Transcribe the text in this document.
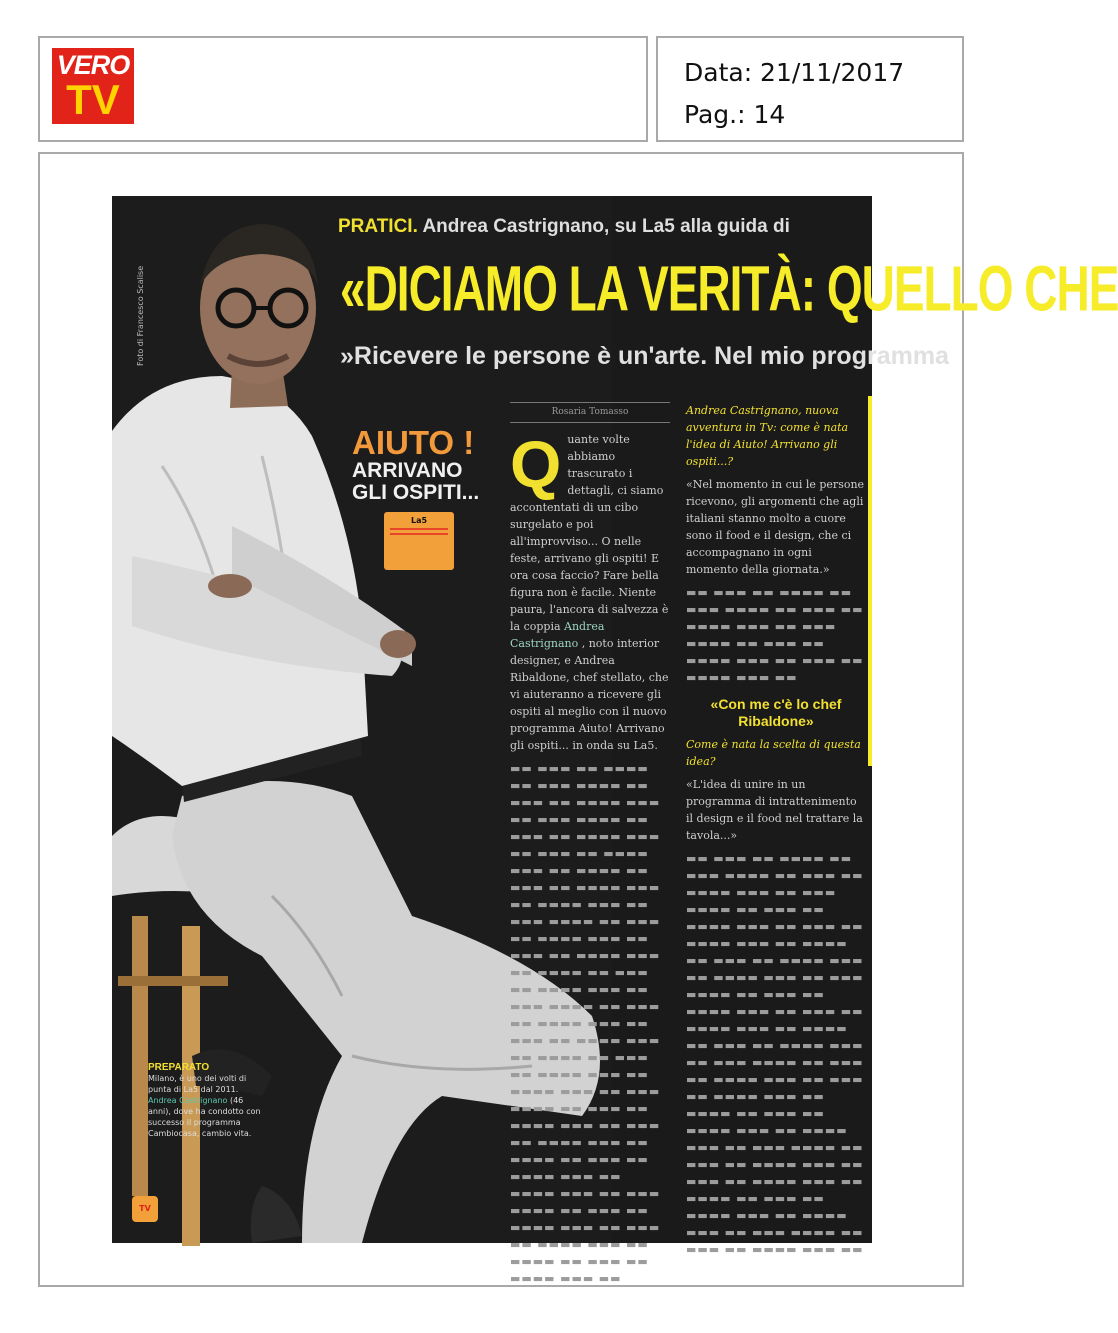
VERO
TV
Data: 21/11/2017
Pag.: 14
Foto di Francesco Scalise
PRATICI. Andrea Castrignano, su La5 alla guida di
«DICIAMO LA VERITÀ: QUELLO CHE
»Ricevere le persone è un'arte. Nel mio programma
AIUTO !
ARRIVANO GLI OSPITI...
La5
Rosaria Tomasso
Q uante volte abbiamo trascurato i dettagli, ci siamo accontentati di un cibo surgelato e poi all'improvviso... O nelle feste, arrivano gli ospiti! E ora cosa faccio? Fare bella figura non è facile. Niente paura, l'ancora di salvezza è la coppia Andrea Castrignano , noto interior designer, e Andrea Ribaldone, chef stellato, che vi aiuteranno a ricevere gli ospiti al meglio con il nuovo programma Aiuto! Arrivano gli ospiti... in onda su La5.

▬▬ ▬▬▬ ▬▬ ▬▬▬▬ ▬▬ ▬▬▬ ▬▬▬▬ ▬▬ ▬▬▬ ▬▬ ▬▬▬▬ ▬▬▬ ▬▬ ▬▬▬ ▬▬▬▬ ▬▬ ▬▬▬ ▬▬ ▬▬▬▬ ▬▬▬ ▬▬ ▬▬▬ ▬▬ ▬▬▬▬ ▬▬▬ ▬▬ ▬▬▬▬ ▬▬ ▬▬▬ ▬▬ ▬▬▬▬ ▬▬▬ ▬▬ ▬▬▬▬ ▬▬▬ ▬▬ ▬▬▬ ▬▬▬▬ ▬▬ ▬▬▬ ▬▬ ▬▬▬▬ ▬▬▬ ▬▬ ▬▬▬ ▬▬ ▬▬▬▬ ▬▬▬ ▬▬ ▬▬▬▬ ▬▬ ▬▬▬ ▬▬ ▬▬▬▬ ▬▬▬ ▬▬ ▬▬▬ ▬▬▬▬ ▬▬ ▬▬▬ ▬▬ ▬▬▬▬ ▬▬▬ ▬▬ ▬▬▬ ▬▬ ▬▬▬▬ ▬▬▬ ▬▬ ▬▬▬▬ ▬▬ ▬▬▬ ▬▬ ▬▬▬▬ ▬▬▬ ▬▬ ▬▬▬▬ ▬▬▬ ▬▬ ▬▬▬ ▬▬▬▬ ▬▬ ▬▬▬ ▬▬ ▬▬▬▬ ▬▬▬ ▬▬ ▬▬▬ ▬▬ ▬▬▬▬ ▬▬▬ ▬▬ ▬▬▬▬ ▬▬ ▬▬▬ ▬▬ ▬▬▬▬ ▬▬▬ ▬▬ ▬▬▬▬ ▬▬▬ ▬▬ ▬▬▬ ▬▬▬▬ ▬▬ ▬▬▬ ▬▬ ▬▬▬▬ ▬▬▬ ▬▬ ▬▬▬ ▬▬ ▬▬▬▬ ▬▬▬ ▬▬ ▬▬▬▬ ▬▬ ▬▬▬ ▬▬ ▬▬▬▬ ▬▬▬ ▬▬

Andrea Castrignano, nuova avventura in Tv: come è nata l'idea di Aiuto! Arrivano gli ospiti...?

«Nel momento in cui le persone ricevono, gli argomenti che agli italiani stanno molto a cuore sono il food e il design, che ci accompagnano in ogni momento della giornata.»

▬▬ ▬▬▬ ▬▬ ▬▬▬▬ ▬▬ ▬▬▬ ▬▬▬▬ ▬▬ ▬▬▬ ▬▬ ▬▬▬▬ ▬▬▬ ▬▬ ▬▬▬ ▬▬▬▬ ▬▬ ▬▬▬ ▬▬ ▬▬▬▬ ▬▬▬ ▬▬ ▬▬▬ ▬▬ ▬▬▬▬ ▬▬▬ ▬▬

«Con me c'è lo chef Ribaldone»

Come è nata la scelta di questa idea?

«L'idea di unire in un programma di intrattenimento il design e il food nel trattare la tavola...»

▬▬ ▬▬▬ ▬▬ ▬▬▬▬ ▬▬ ▬▬▬ ▬▬▬▬ ▬▬ ▬▬▬ ▬▬ ▬▬▬▬ ▬▬▬ ▬▬ ▬▬▬ ▬▬▬▬ ▬▬ ▬▬▬ ▬▬ ▬▬▬▬ ▬▬▬ ▬▬ ▬▬▬ ▬▬ ▬▬▬▬ ▬▬▬ ▬▬ ▬▬▬▬ ▬▬ ▬▬▬ ▬▬ ▬▬▬▬ ▬▬▬ ▬▬ ▬▬▬▬ ▬▬▬ ▬▬ ▬▬▬ ▬▬▬▬ ▬▬ ▬▬▬ ▬▬ ▬▬▬▬ ▬▬▬ ▬▬ ▬▬▬ ▬▬ ▬▬▬▬ ▬▬▬ ▬▬ ▬▬▬▬ ▬▬ ▬▬▬ ▬▬ ▬▬▬▬ ▬▬▬ ▬▬ ▬▬▬ ▬▬▬▬ ▬▬ ▬▬▬ ▬▬ ▬▬▬▬ ▬▬▬ ▬▬ ▬▬▬ ▬▬ ▬▬▬▬ ▬▬▬ ▬▬ ▬▬▬▬ ▬▬ ▬▬▬ ▬▬ ▬▬▬▬ ▬▬▬ ▬▬ ▬▬▬▬ ▬▬▬ ▬▬ ▬▬▬ ▬▬▬▬ ▬▬ ▬▬▬ ▬▬ ▬▬▬▬ ▬▬▬ ▬▬ ▬▬▬ ▬▬ ▬▬▬▬ ▬▬▬ ▬▬ ▬▬▬▬ ▬▬ ▬▬▬ ▬▬ ▬▬▬▬ ▬▬▬ ▬▬ ▬▬▬▬ ▬▬▬ ▬▬ ▬▬▬ ▬▬▬▬ ▬▬ ▬▬▬ ▬▬ ▬▬▬▬ ▬▬▬ ▬▬

PREPARATO
Milano, è uno dei volti di punta di La5 dal 2011. Andrea Castrignano (46 anni), dove ha condotto con successo il programma Cambiocasa, cambio vita.
TV
